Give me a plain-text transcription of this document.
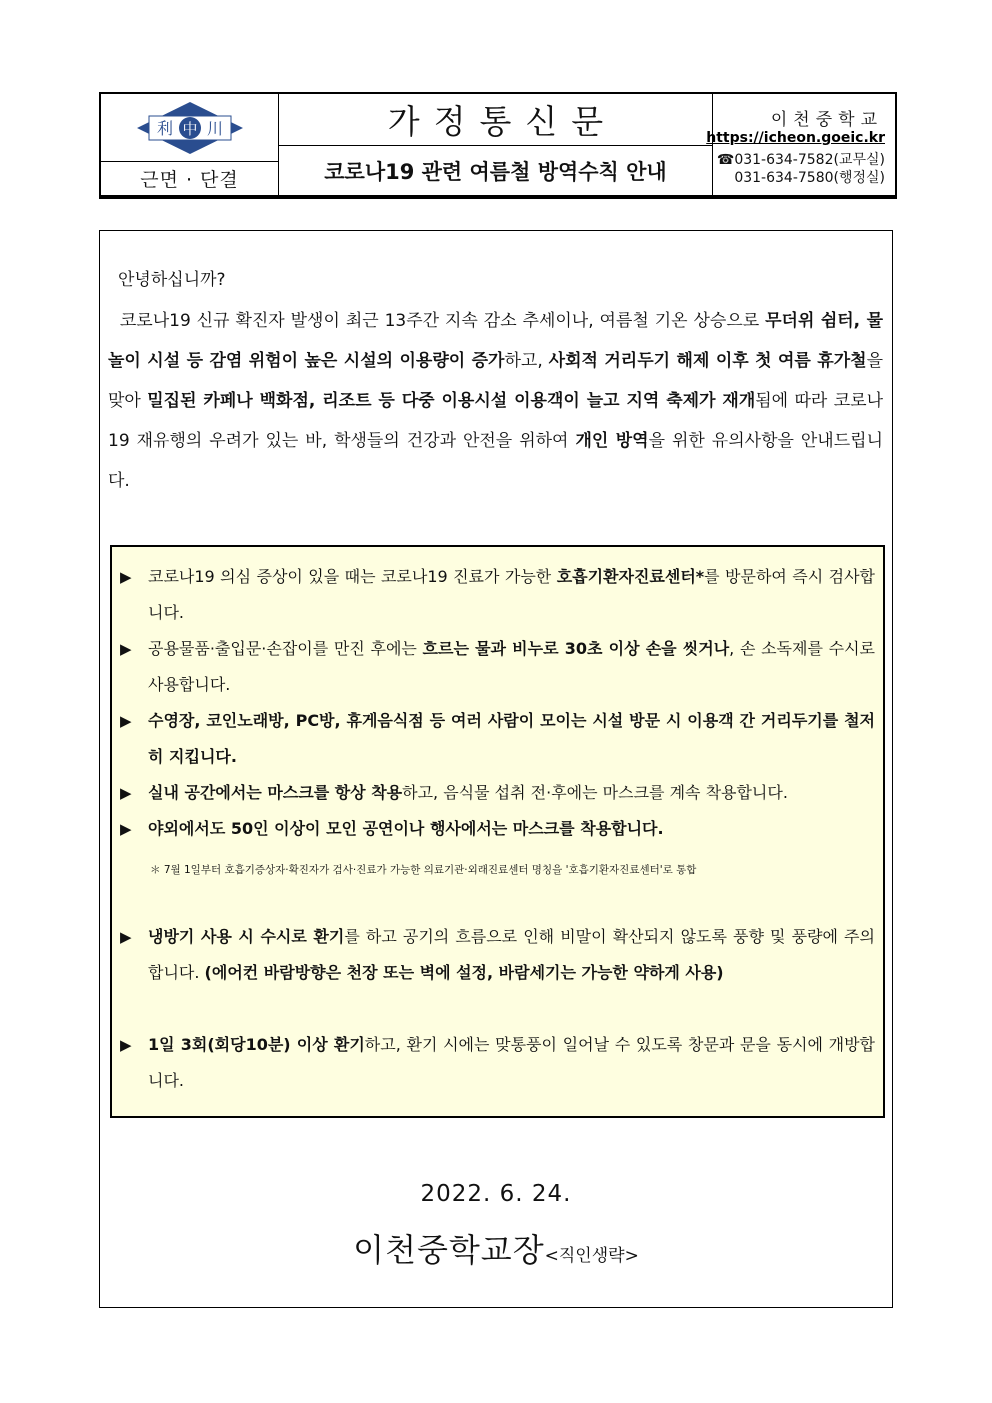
利 中 川
근면 · 단결
가정통신문
코로나19 관련 여름철 방역수칙 안내
이천중학교
https://icheon.goeic.kr
☎031-634-7582(교무실)
031-634-7580(행정실)
안녕하십니까?
코로나19 신규 확진자 발생이 최근 13주간 지속 감소 추세이나, 여름철 기온 상승으로 무더위 쉼터, 물놀이 시설 등 감염 위험이 높은 시설의 이용량이 증가하고, 사회적 거리두기 해제 이후 첫 여름 휴가철을 맞아 밀집된 카페나 백화점, 리조트 등 다중 이용시설 이용객이 늘고 지역 축제가 재개됨에 따라 코로나19 재유행의 우려가 있는 바, 학생들의 건강과 안전을 위하여 개인 방역을 위한 유의사항을 안내드립니다.
＊ 7월 1일부터 호흡기증상자·확진자가 검사·진료가 가능한 의료기관·외래진료센터 명칭을 '호흡기환자진료센터'로 통합
▶	코로나19 의심 증상이 있을 때는 코로나19 진료가 가능한 호흡기환자진료센터*를 방문하여 즉시 검사합니다.
▶	공용물품·출입문·손잡이를 만진 후에는 흐르는 물과 비누로 30초 이상 손을 씻거나, 손 소독제를 수시로 사용합니다.
▶	수영장, 코인노래방, PC방, 휴게음식점 등 여러 사람이 모이는 시설 방문 시 이용객 간 거리두기를 철저히 지킵니다.
▶	실내 공간에서는 마스크를 항상 착용하고, 음식물 섭취 전·후에는 마스크를 계속 착용합니다.
▶	야외에서도 50인 이상이 모인 공연이나 행사에서는 마스크를 착용합니다.
▶	냉방기 사용 시 수시로 환기를 하고 공기의 흐름으로 인해 비말이 확산되지 않도록 풍향 및 풍량에 주의합니다. (에어컨 바람방향은 천장 또는 벽에 설정, 바람세기는 가능한 약하게 사용)
▶	1일 3회(회당10분) 이상 환기하고, 환기 시에는 맞통풍이 일어날 수 있도록 창문과 문을 동시에 개방합니다.
2022. 6. 24.
이천중학교장<직인생략>
